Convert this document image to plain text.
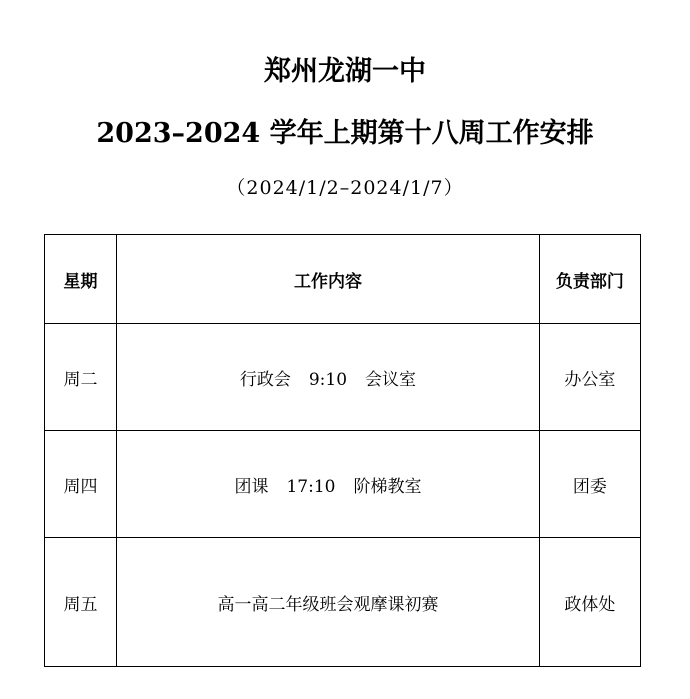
郑州龙湖一中
2023–2024 学年上期第十八周工作安排
（2024/1/2–2024/1/7）
星期	工作内容	负责部门
周二	行政会 9:10 会议室	办公室
周四	团课 17:10 阶梯教室	团委
周五	高一高二年级班会观摩课初赛	政体处
